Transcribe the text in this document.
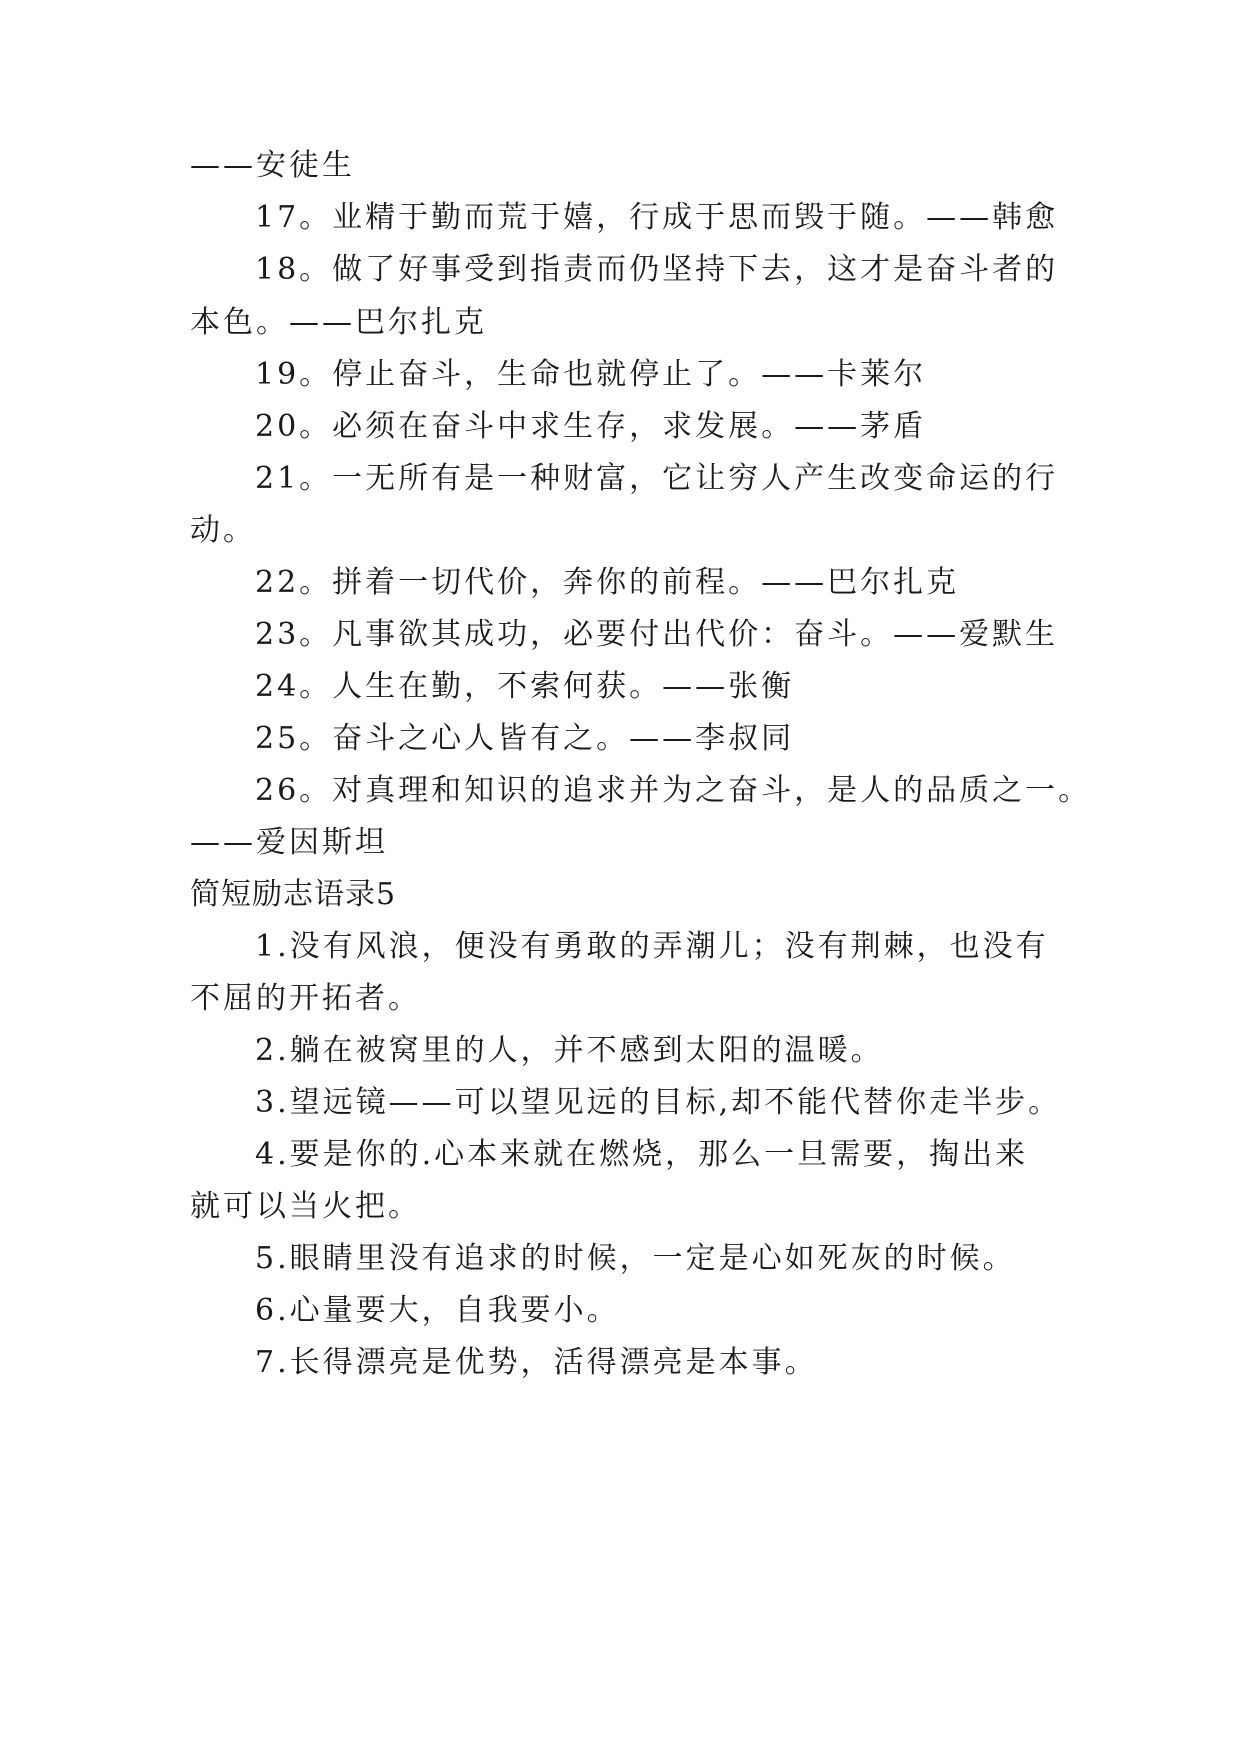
——安徒生
17。业精于勤而荒于嬉，行成于思而毁于随。——韩愈
18。做了好事受到指责而仍坚持下去，这才是奋斗者的
本色。——巴尔扎克
19。停止奋斗，生命也就停止了。——卡莱尔
20。必须在奋斗中求生存，求发展。——茅盾
21。一无所有是一种财富，它让穷人产生改变命运的行
动。
22。拼着一切代价，奔你的前程。——巴尔扎克
23。凡事欲其成功，必要付出代价：奋斗。——爱默生
24。人生在勤，不索何获。——张衡
25。奋斗之心人皆有之。——李叔同
26。对真理和知识的追求并为之奋斗，是人的品质之一。
——爱因斯坦
简短励志语录5
1.没有风浪，便没有勇敢的弄潮儿；没有荆棘，也没有
不屈的开拓者。
2.躺在被窝里的人，并不感到太阳的温暖。
3.望远镜——可以望见远的目标,却不能代替你走半步。
4.要是你的.心本来就在燃烧，那么一旦需要，掏出来
就可以当火把。
5.眼睛里没有追求的时候，一定是心如死灰的时候。
6.心量要大，自我要小。
7.长得漂亮是优势，活得漂亮是本事。
